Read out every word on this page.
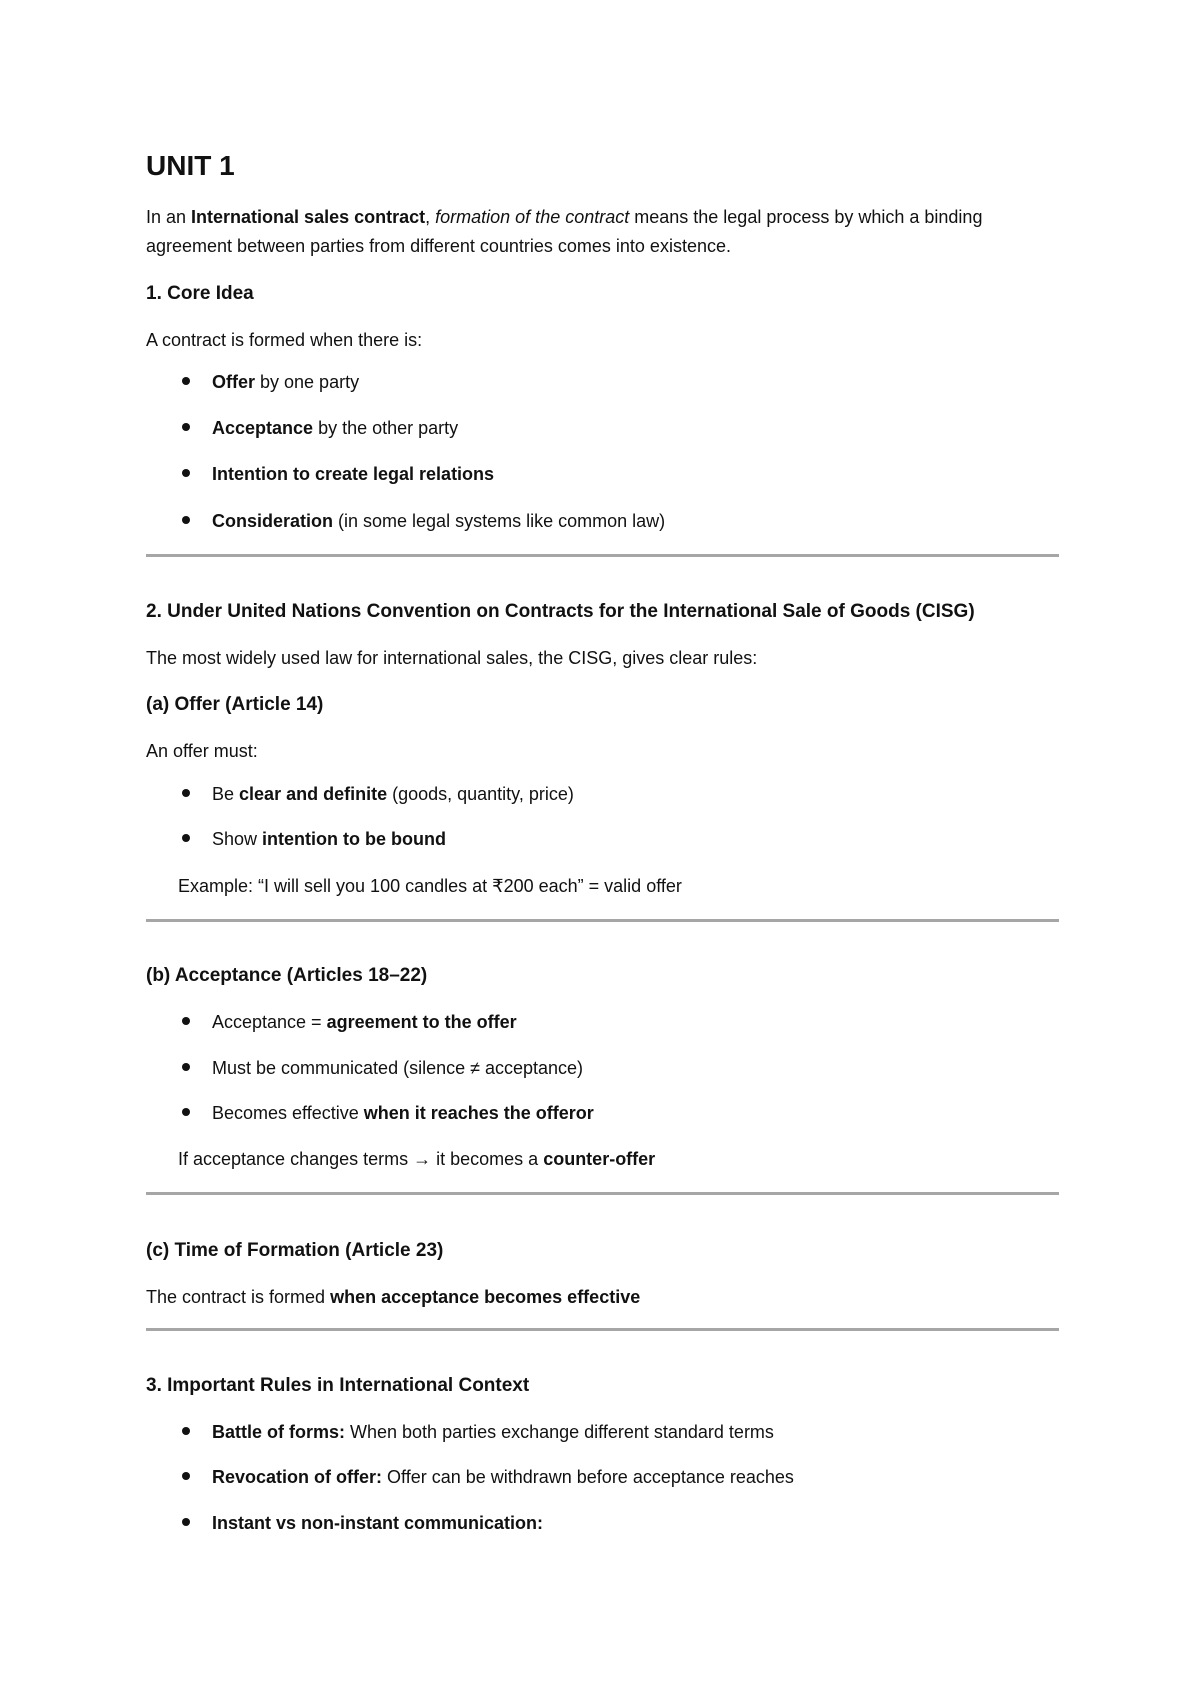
UNIT 1

In an International sales contract, formation of the contract means the legal process by which a binding agreement between parties from different countries comes into existence.

1. Core Idea

A contract is formed when there is:

Offer by one party

Acceptance by the other party

Intention to create legal relations

Consideration (in some legal systems like common law)

2. Under United Nations Convention on Contracts for the International Sale of Goods (CISG)

The most widely used law for international sales, the CISG, gives clear rules:

(a) Offer (Article 14)

An offer must:

Be clear and definite (goods, quantity, price)

Show intention to be bound

Example: “I will sell you 100 candles at ₹200 each” = valid offer

(b) Acceptance (Articles 18–22)

Acceptance = agreement to the offer

Must be communicated (silence ≠ acceptance)

Becomes effective when it reaches the offeror

If acceptance changes terms → it becomes a counter-offer

(c) Time of Formation (Article 23)

The contract is formed when acceptance becomes effective

3. Important Rules in International Context

Battle of forms: When both parties exchange different standard terms

Revocation of offer: Offer can be withdrawn before acceptance reaches

Instant vs non-instant communication:
